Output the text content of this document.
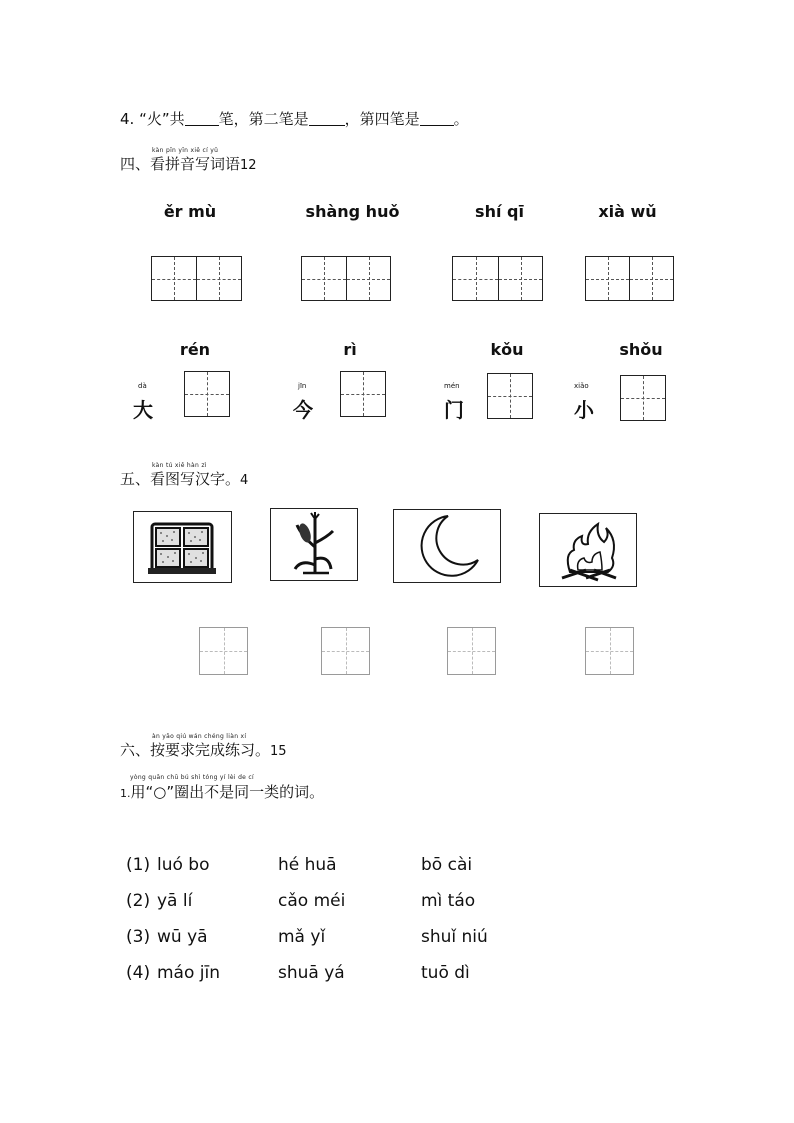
4. “火”共 笔，第二笔是 ，第四笔是 。
kàn pīn yīn xiě cí yǔ
四、看拼音写词语12
ěr mù	shàng huǒ	shí qī	xià wǔ
rén	rì	kǒu	shǒu
dà
大
jīn
今
mén
门
xiǎo
小
kàn tú xiě hàn zì
五、看图写汉字。4
àn yāo qiú wán chéng liàn xí
六、按要求完成练习。15
yòng quān chū bú shì tóng yí lèi de cí
1.用“○”圈出不是同一类的词。
(1) luó bo	hé huā	bō cài
(2) yā lí	cǎo méi	mì táo
(3) wū yā	mǎ yǐ	shuǐ niú
(4) máo jīn	shuā yá	tuō dì
